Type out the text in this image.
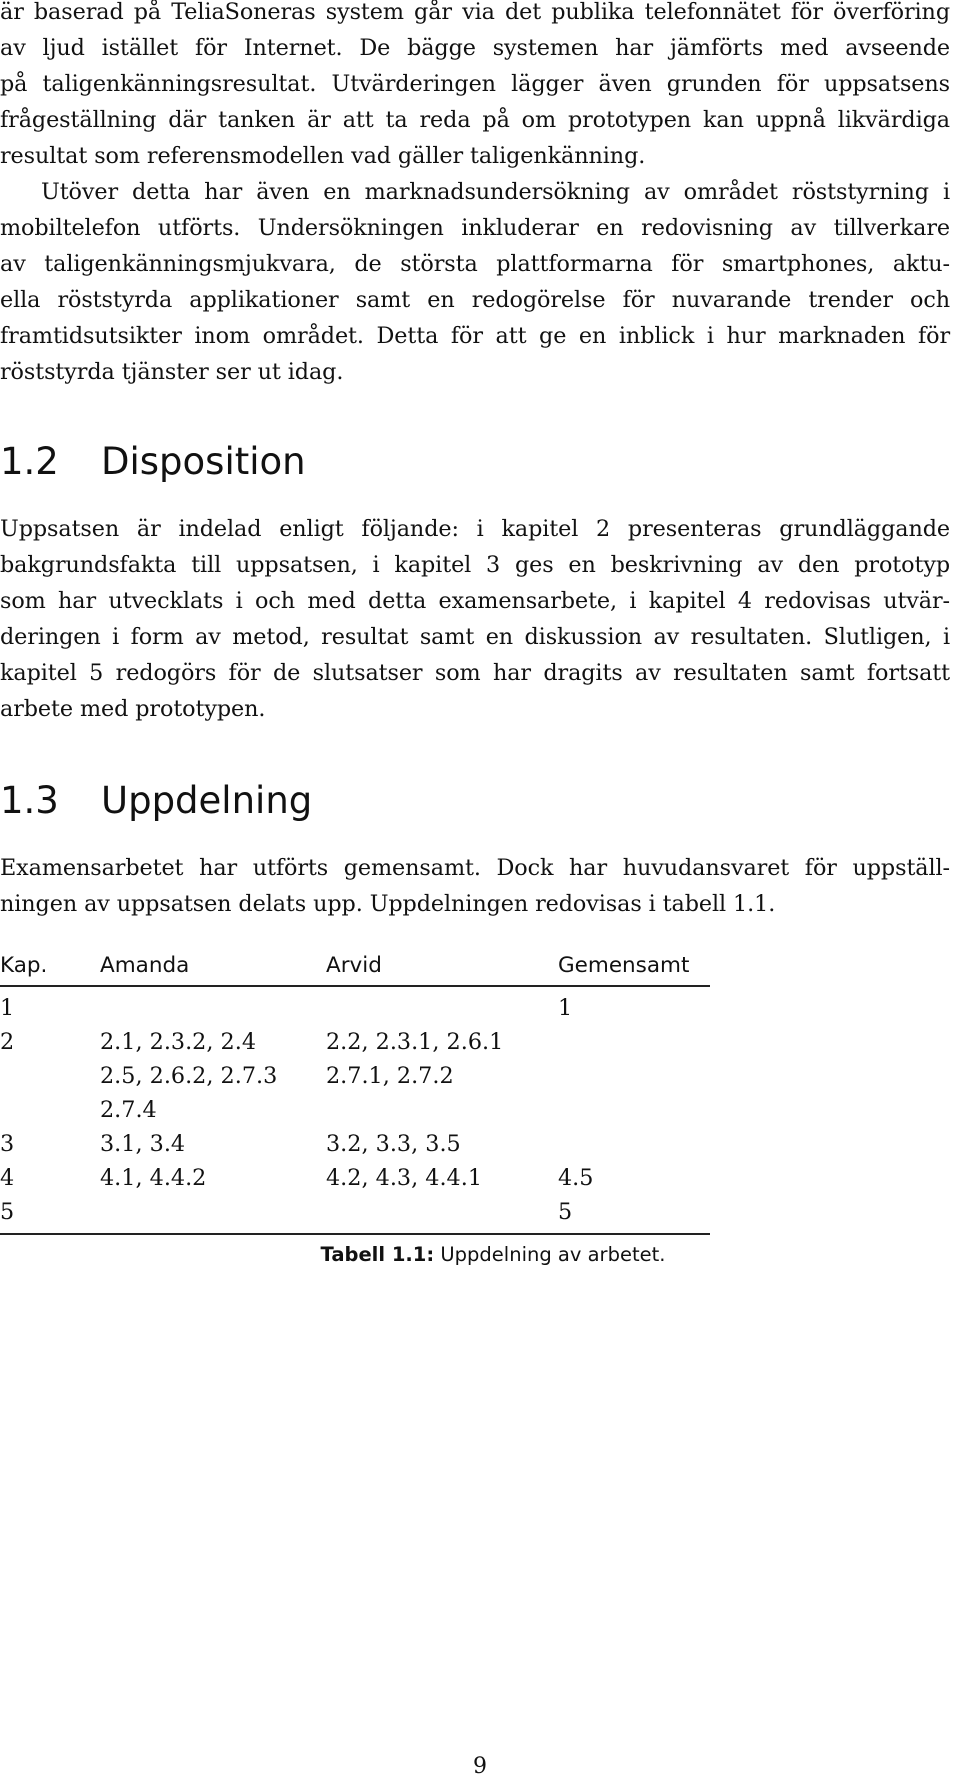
är baserad på TeliaSoneras system går via det publika telefonnätet för överföring
av ljud istället för Internet. De bägge systemen har jämförts med avseende
på taligenkänningsresultat. Utvärderingen lägger även grunden för uppsatsens
frågeställning där tanken är att ta reda på om prototypen kan uppnå likvärdiga
resultat som referensmodellen vad gäller taligenkänning.
Utöver detta har även en marknadsundersökning av området röststyrning i
mobiltelefon utförts. Undersökningen inkluderar en redovisning av tillverkare
av taligenkänningsmjukvara, de största plattformarna för smartphones, aktu-
ella röststyrda applikationer samt en redogörelse för nuvarande trender och
framtidsutsikter inom området. Detta för att ge en inblick i hur marknaden för
röststyrda tjänster ser ut idag.
1.2 Disposition
Uppsatsen är indelad enligt följande: i kapitel 2 presenteras grundläggande
bakgrundsfakta till uppsatsen, i kapitel 3 ges en beskrivning av den prototyp
som har utvecklats i och med detta examensarbete, i kapitel 4 redovisas utvär-
deringen i form av metod, resultat samt en diskussion av resultaten. Slutligen, i
kapitel 5 redogörs för de slutsatser som har dragits av resultaten samt fortsatt
arbete med prototypen.
1.3 Uppdelning
Examensarbetet har utförts gemensamt. Dock har huvudansvaret för uppställ-
ningen av uppsatsen delats upp. Uppdelningen redovisas i tabell 1.1.
Kap.	Amanda	Arvid	Gemensamt
1			1
2	2.1, 2.3.2, 2.4	2.2, 2.3.1, 2.6.1	
	2.5, 2.6.2, 2.7.3	2.7.1, 2.7.2	
	2.7.4		
3	3.1, 3.4	3.2, 3.3, 3.5	
4	4.1, 4.4.2	4.2, 4.3, 4.4.1	4.5
5			5
Tabell 1.1: Uppdelning av arbetet.
9
